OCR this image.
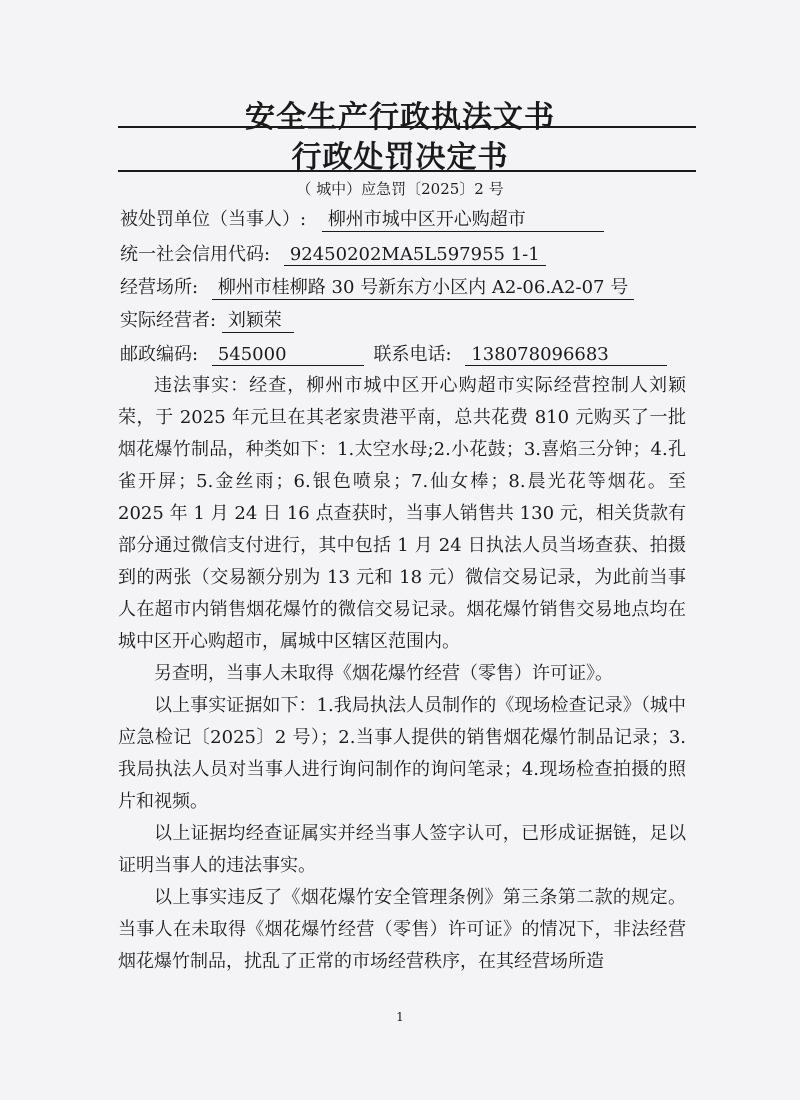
安全生产行政执法文书
行政处罚决定书
（ 城中）应急罚〔2025〕2 号
被处罚单位（当事人）: 柳州市城中区开心购超市
统一社会信用代码: 92450202MA5L597955 1-1
经营场所: 柳州市桂柳路 30 号新东方小区内 A2-06.A2-07 号
实际经营者: 刘颖荣
邮政编码: 545000	联系电话: 13807809668З

违法事实：经查，柳州市城中区开心购超市实际经营控制人刘颖荣，于 2025 年元旦在其老家贵港平南，总共花费 810 元购买了一批烟花爆竹制品，种类如下：1.太空水母;2.小花鼓；3.喜焰三分钟；4.孔雀开屏；5.金丝雨；6.银色喷泉；7.仙女棒；8.晨光花等烟花。至 2025 年 1 月 24 日 16 点查获时，当事人销售共 130 元，相关货款有部分通过微信支付进行，其中包括 1 月 24 日执法人员当场查获、拍摄到的两张（交易额分别为 13 元和 18 元）微信交易记录，为此前当事人在超市内销售烟花爆竹的微信交易记录。烟花爆竹销售交易地点均在城中区开心购超市，属城中区辖区范围内。

另查明，当事人未取得《烟花爆竹经营（零售）许可证》。

以上事实证据如下：1.我局执法人员制作的《现场检查记录》（城中应急检记〔2025〕2 号）；2.当事人提供的销售烟花爆竹制品记录；3.我局执法人员对当事人进行询问制作的询问笔录；4.现场检查拍摄的照片和视频。

以上证据均经查证属实并经当事人签字认可，已形成证据链，足以证明当事人的违法事实。

以上事实违反了《烟花爆竹安全管理条例》第三条第二款的规定。当事人在未取得《烟花爆竹经营（零售）许可证》的情况下，非法经营烟花爆竹制品，扰乱了正常的市场经营秩序，在其经营场所造

1
